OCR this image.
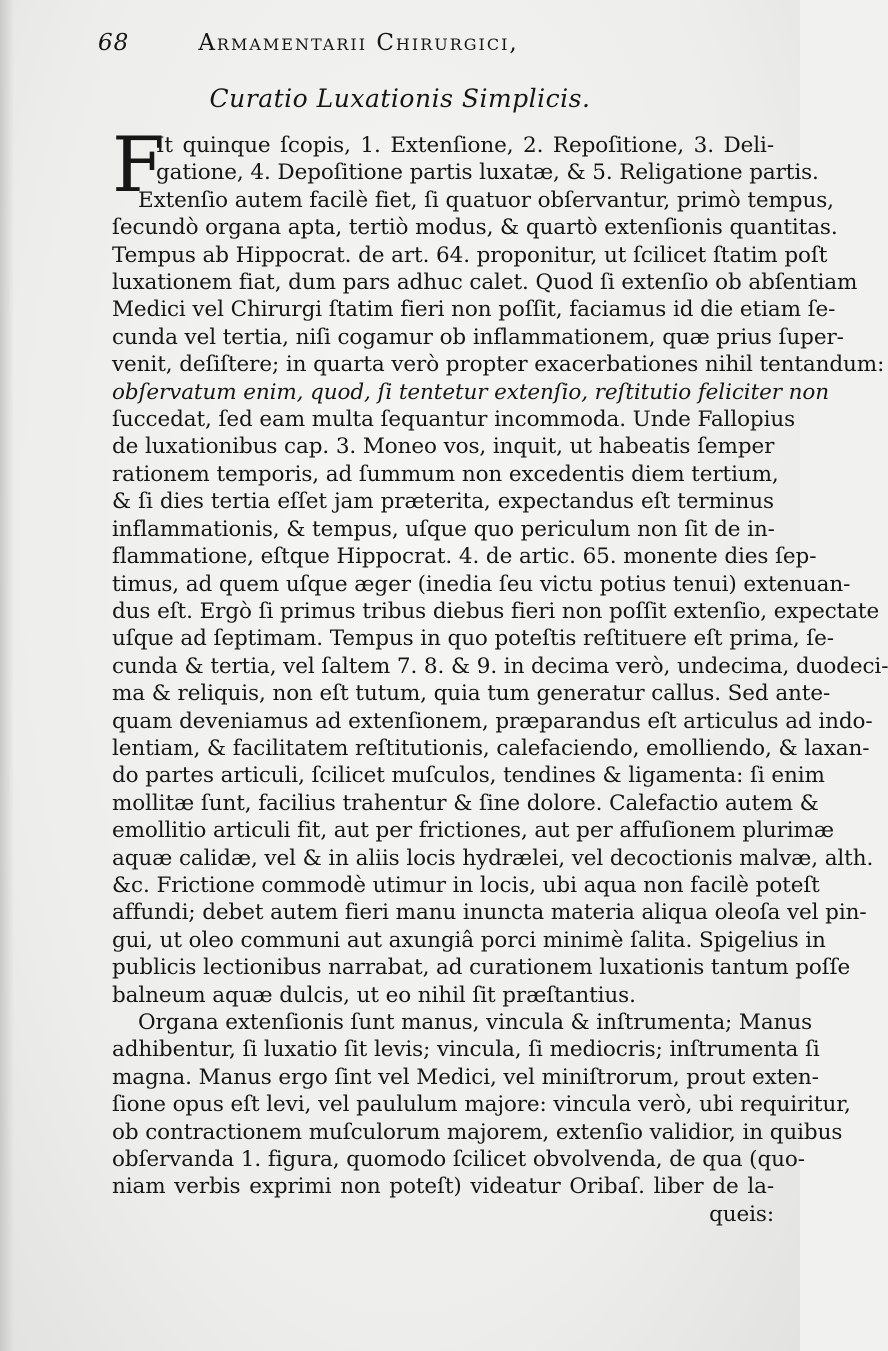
68	Armamentarii Chirurgici,
Curatio Luxationis Simplicis.
F
It quinque ſcopis, 1. Extenſione, 2. Repoſitione, 3. Deli-
gatione, 4. Depoſitione partis luxatæ, & 5. Religatione partis.
Extenſio autem facilè fiet, ſi quatuor obſervantur, primò tempus,
ſecundò organa apta, tertiò modus, & quartò extenſionis quantitas.
Tempus ab Hippocrat. de art. 64. proponitur, ut ſcilicet ſtatim poſt
luxationem fiat, dum pars adhuc calet. Quod ſi extenſio ob abſentiam
Medici vel Chirurgi ſtatim fieri non poſſit, faciamus id die etiam ſe-
cunda vel tertia, niſi cogamur ob inflammationem, quæ prius ſuper-
venit, deſiſtere; in quarta verò propter exacerbationes nihil tentandum:
obſervatum enim, quod, ſi tentetur extenſio, reſtitutio feliciter non
ſuccedat, ſed eam multa ſequantur incommoda. Unde Fallopius
de luxationibus cap. 3. Moneo vos, inquit, ut habeatis ſemper
rationem temporis, ad ſummum non excedentis diem tertium,
& ſi dies tertia eſſet jam præterita, expectandus eſt terminus
inflammationis, & tempus, uſque quo periculum non ſit de in-
flammatione, eſtque Hippocrat. 4. de artic. 65. monente dies ſep-
timus, ad quem uſque æger (inedia ſeu victu potius tenui) extenuan-
dus eſt. Ergò ſi primus tribus diebus fieri non poſſit extenſio, expectate
uſque ad ſeptimam. Tempus in quo poteſtis reſtituere eſt prima, ſe-
cunda & tertia, vel ſaltem 7. 8. & 9. in decima verò, undecima, duodeci-
ma & reliquis, non eſt tutum, quia tum generatur callus. Sed ante-
quam deveniamus ad extenſionem, præparandus eſt articulus ad indo-
lentiam, & facilitatem reſtitutionis, calefaciendo, emolliendo, & laxan-
do partes articuli, ſcilicet muſculos, tendines & ligamenta: ſi enim
mollitæ ſunt, facilius trahentur & ſine dolore. Calefactio autem &
emollitio articuli fit, aut per frictiones, aut per affuſionem plurimæ
aquæ calidæ, vel & in aliis locis hydrælei, vel decoctionis malvæ, alth.
&c. Frictione commodè utimur in locis, ubi aqua non facilè poteſt
affundi; debet autem fieri manu inuncta materia aliqua oleoſa vel pin-
gui, ut oleo communi aut axungiâ porci minimè ſalita. Spigelius in
publicis lectionibus narrabat, ad curationem luxationis tantum poſſe
balneum aquæ dulcis, ut eo nihil ſit præſtantius.
Organa extenſionis ſunt manus, vincula & inſtrumenta; Manus
adhibentur, ſi luxatio ſit levis; vincula, ſi mediocris; inſtrumenta ſi
magna. Manus ergo ſint vel Medici, vel miniſtrorum, prout exten-
ſione opus eſt levi, vel paululum majore: vincula verò, ubi requiritur,
ob contractionem muſculorum majorem, extenſio validior, in quibus
obſervanda 1. figura, quomodo ſcilicet obvolvenda, de qua (quo-
niam verbis exprimi non poteſt) videatur Oribaſ. liber de la-
queis:
